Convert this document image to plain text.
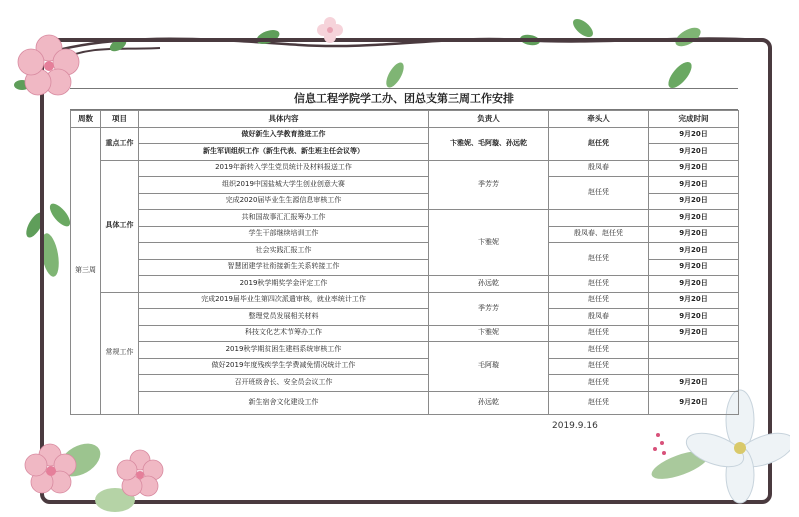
信息工程学院学工办、团总支第三周工作安排
周数	项目	具体内容	负责人	牵头人	完成时间
第三周	重点工作	做好新生入学教育推进工作	卞雅妮、毛阿璇、孙远乾	赵任凭	9月20日
		新生军训组织工作（新生代表、新生班主任会议等）			9月20日
	具体工作	2019年新转入学生党员统计及材料报送工作	季芳芳	殷凤春	9月20日
		组织2019中国盐城大学生创业创意大赛		赵任凭	9月20日
		完成2020届毕业生生源信息审核工作			9月20日
		共和国故事汇汇报筹办工作	卞雅妮		9月20日
		学生干部继续培训工作		殷凤春、赵任凭	9月20日
		社会实践汇报工作		赵任凭	9月20日
		智慧团建学社衔接新生关系转接工作			9月20日
		2019秋学期奖学金评定工作	孙远乾	赵任凭	9月20日
	常规工作	完成2019届毕业生第四次派遣审核，就业率统计工作	季芳芳	赵任凭	9月20日
		整理党员发展相关材料		殷凤春	9月20日
		科技文化艺术节筹办工作	卞雅妮	赵任凭	9月20日
		2019秋学期贫困生建档系统审核工作	毛阿璇	赵任凭	
		做好2019年度残疾学生学费减免情况统计工作		赵任凭	
		召开班级舍长、安全员会议工作		赵任凭	9月20日
		新生宿舍文化建设工作	孙远乾	赵任凭	9月20日
2019.9.16
